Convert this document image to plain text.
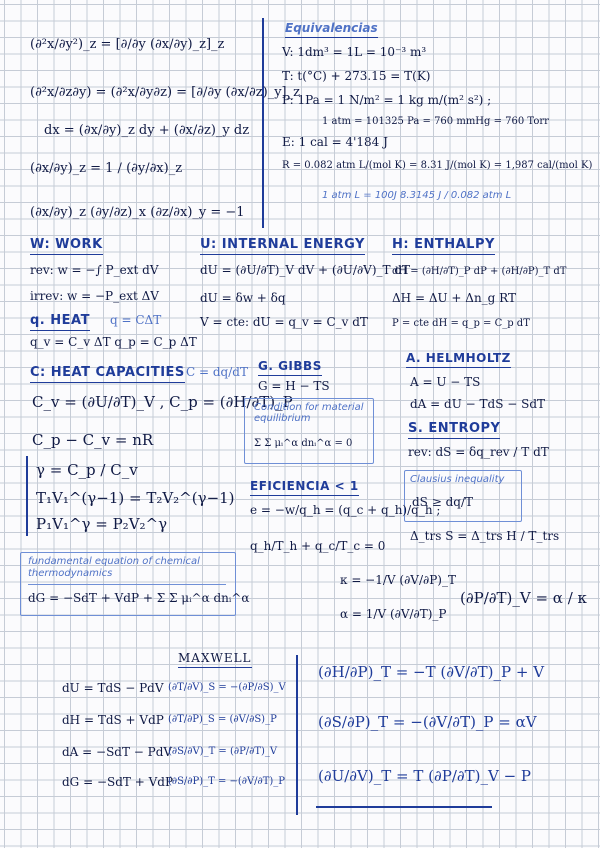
(∂²x/∂y²)_z = [∂/∂y (∂x/∂y)_z]_z
(∂²x/∂z∂y) = (∂²x/∂y∂z) = [∂/∂y (∂x/∂z)_y]_z
dx = (∂x/∂y)_z dy + (∂x/∂z)_y dz
(∂x/∂y)_z = 1 / (∂y/∂x)_z
(∂x/∂y)_z (∂y/∂z)_x (∂z/∂x)_y = −1
Equivalencias
V: 1dm³ = 1L = 10⁻³ m³
T: t(°C) + 273.15 = T(K)
P: 1Pa = 1 N/m² = 1 kg m/(m² s²) ;
1 atm = 101325 Pa = 760 mmHg = 760 Torr
E: 1 cal = 4'184 J
R = 0.082 atm L/(mol K) = 8.31 J/(mol K) = 1,987 cal/(mol K)
1 atm L = 100J 8.3145 J / 0.082 atm L
W: WORK
rev: w = −∫ P_ext dV
irrev: w = −P_ext ΔV
U: INTERNAL ENERGY
dU = (∂U/∂T)_V dV + (∂U/∂V)_T dT
dU = δw + δq
V = cte: dU = q_v = C_v dT
H: ENTHALPY
dH = (∂H/∂T)_P dP + (∂H/∂P)_T dT
ΔH = ΔU + Δn_g RT
P = cte dH = q_p = C_p dT
q. HEAT q = CΔT
q_v = C_v ΔT q_p = C_p ΔT
C: HEAT CAPACITIES C = dq/dT
C_v = (∂U/∂T)_V , C_p = (∂H/∂T)_P
C_p − C_v = nR
γ = C_p / C_v
T₁V₁^(γ−1) = T₂V₂^(γ−1)
P₁V₁^γ = P₂V₂^γ
G. GIBBS
G = H − TS
Condition for material equilibrium
Σ Σ μᵢ^α dnᵢ^α = 0
A. HELMHOLTZ
A = U − TS
dA = dU − TdS − SdT
S. ENTROPY
rev: dS = δq_rev / T dT
Clausius inequality
dS ≥ dq/T
Δ_trs S = Δ_trs H / T_trs
EFICIENCIA < 1
e = −w/q_h = (q_c + q_h)/q_h ;
q_h/T_h + q_c/T_c = 0
fundamental equation of chemical thermodynamics
dG = −SdT + VdP + Σ Σ μᵢ^α dnᵢ^α
κ = −1/V (∂V/∂P)_T
α = 1/V (∂V/∂T)_P
(∂P/∂T)_V = α / κ
MAXWELL
dU = TdS − PdV
dH = TdS + VdP
dA = −SdT − PdV
dG = −SdT + VdP
(∂T/∂V)_S = −(∂P/∂S)_V
(∂T/∂P)_S = (∂V/∂S)_P
(∂S/∂V)_T = (∂P/∂T)_V
(∂S/∂P)_T = −(∂V/∂T)_P
(∂H/∂P)_T = −T (∂V/∂T)_P + V
(∂S/∂P)_T = −(∂V/∂T)_P = αV
(∂U/∂V)_T = T (∂P/∂T)_V − P
